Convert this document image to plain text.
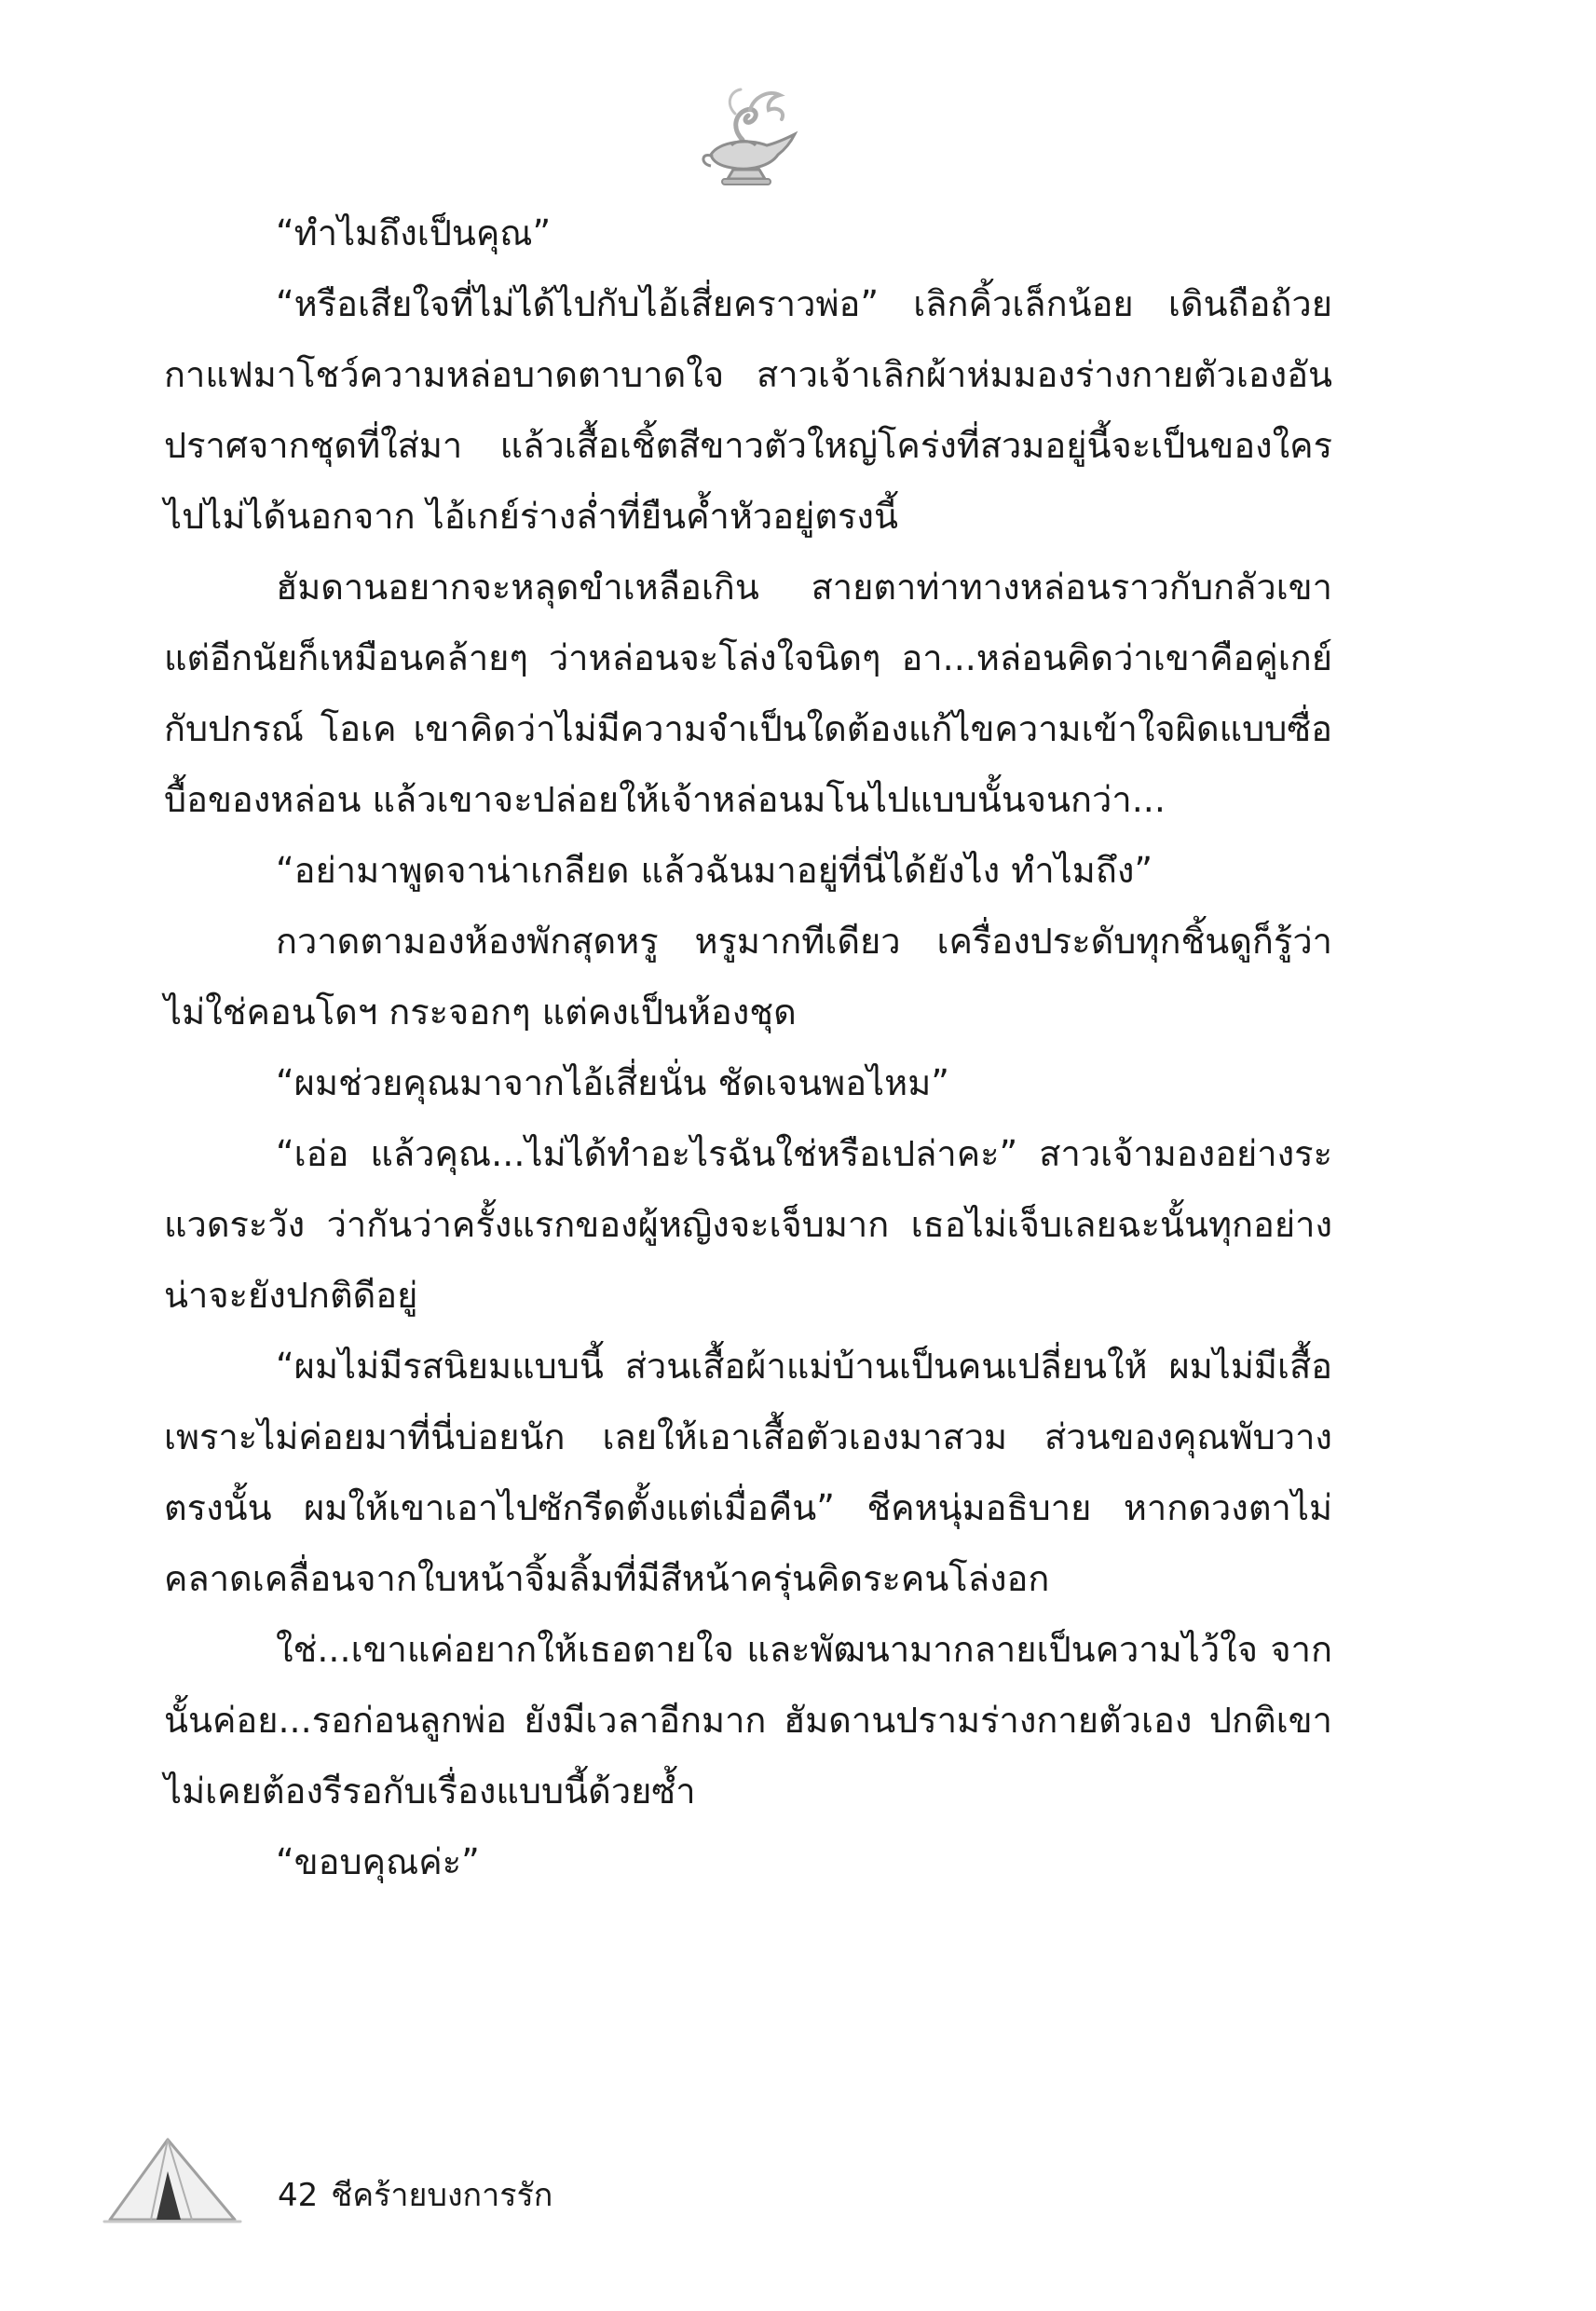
“ทำไมถึงเป็นคุณ”

“หรือเสียใจที่ไม่ได้ไปกับไอ้เสี่ยคราวพ่อ” เลิกคิ้วเล็กน้อย เดินถือถ้วยกาแฟมาโชว์ความหล่อบาดตาบาดใจ สาวเจ้าเลิกผ้าห่มมองร่างกายตัวเองอันปราศจากชุดที่ใส่มา แล้วเสื้อเชิ้ตสีขาวตัวใหญ่โคร่งที่สวมอยู่นี้จะเป็นของใครไปไม่ได้นอกจาก ไอ้เกย์ร่างล่ำที่ยืนค้ำหัวอยู่ตรงนี้

ฮัมดานอยากจะหลุดขำเหลือเกิน สายตาท่าทางหล่อนราวกับกลัวเขา แต่อีกนัยก็เหมือนคล้ายๆ ว่าหล่อนจะโล่งใจนิดๆ อา...หล่อนคิดว่าเขาคือคู่เกย์กับปกรณ์ โอเค เขาคิดว่าไม่มีความจำเป็นใดต้องแก้ไขความเข้าใจผิดแบบซื่อบื้อของหล่อน แล้วเขาจะปล่อยให้เจ้าหล่อนมโนไปแบบนั้นจนกว่า...

“อย่ามาพูดจาน่าเกลียด แล้วฉันมาอยู่ที่นี่ได้ยังไง ทำไมถึง”

กวาดตามองห้องพักสุดหรู หรูมากทีเดียว เครื่องประดับทุกชิ้นดูก็รู้ว่าไม่ใช่คอนโดฯ กระจอกๆ แต่คงเป็นห้องชุด

“ผมช่วยคุณมาจากไอ้เสี่ยนั่น ชัดเจนพอไหม”

“เอ่อ แล้วคุณ...ไม่ได้ทำอะไรฉันใช่หรือเปล่าคะ” สาวเจ้ามองอย่างระแวดระวัง ว่ากันว่าครั้งแรกของผู้หญิงจะเจ็บมาก เธอไม่เจ็บเลยฉะนั้นทุกอย่างน่าจะยังปกติดีอยู่

“ผมไม่มีรสนิยมแบบนี้ ส่วนเสื้อผ้าแม่บ้านเป็นคนเปลี่ยนให้ ผมไม่มีเสื้อ เพราะไม่ค่อยมาที่นี่บ่อยนัก เลยให้เอาเสื้อตัวเองมาสวม ส่วนของคุณพับวางตรงนั้น ผมให้เขาเอาไปซักรีดตั้งแต่เมื่อคืน” ชีคหนุ่มอธิบาย หากดวงตาไม่คลาดเคลื่อนจากใบหน้าจิ้มลิ้มที่มีสีหน้าครุ่นคิดระคนโล่งอก

ใช่...เขาแค่อยากให้เธอตายใจ และพัฒนามากลายเป็นความไว้ใจ จากนั้นค่อย...รอก่อนลูกพ่อ ยังมีเวลาอีกมาก ฮัมดานปรามร่างกายตัวเอง ปกติเขาไม่เคยต้องรีรอกับเรื่องแบบนี้ด้วยซ้ำ

“ขอบคุณค่ะ”

42 ชีคร้ายบงการรัก
